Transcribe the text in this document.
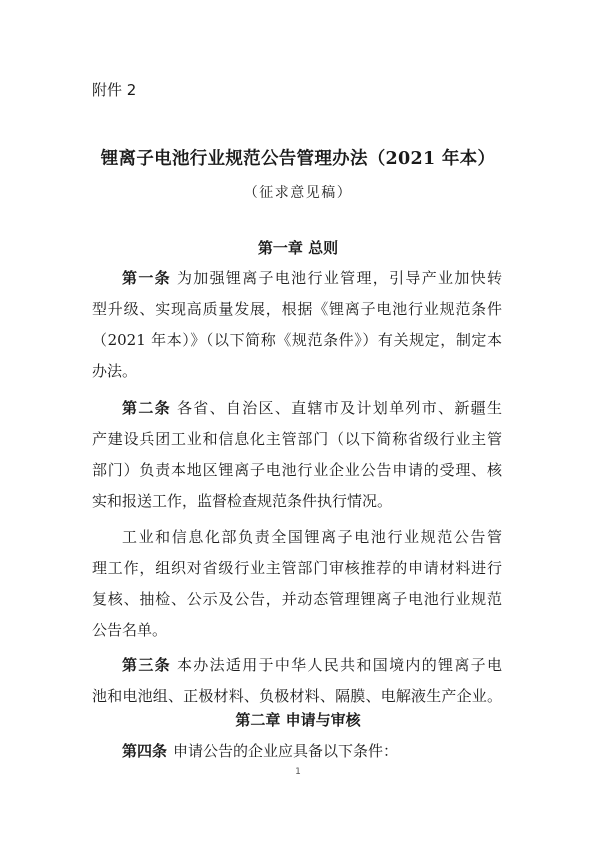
附件 2

锂离子电池行业规范公告管理办法（2021 年本）

（征求意见稿）

第一章 总则

第一条 为加强锂离子电池行业管理，引导产业加快转

型升级、实现高质量发展，根据《锂离子电池行业规范条件

（2021 年本）》（以下简称《规范条件》）有关规定，制定本

办法。

第二条 各省、自治区、直辖市及计划单列市、新疆生

产建设兵团工业和信息化主管部门（以下简称省级行业主管

部门）负责本地区锂离子电池行业企业公告申请的受理、核

实和报送工作，监督检查规范条件执行情况。

工业和信息化部负责全国锂离子电池行业规范公告管

理工作，组织对省级行业主管部门审核推荐的申请材料进行

复核、抽检、公示及公告，并动态管理锂离子电池行业规范

公告名单。

第三条 本办法适用于中华人民共和国境内的锂离子电

池和电池组、正极材料、负极材料、隔膜、电解液生产企业。

第二章 申请与审核

第四条 申请公告的企业应具备以下条件：

1
